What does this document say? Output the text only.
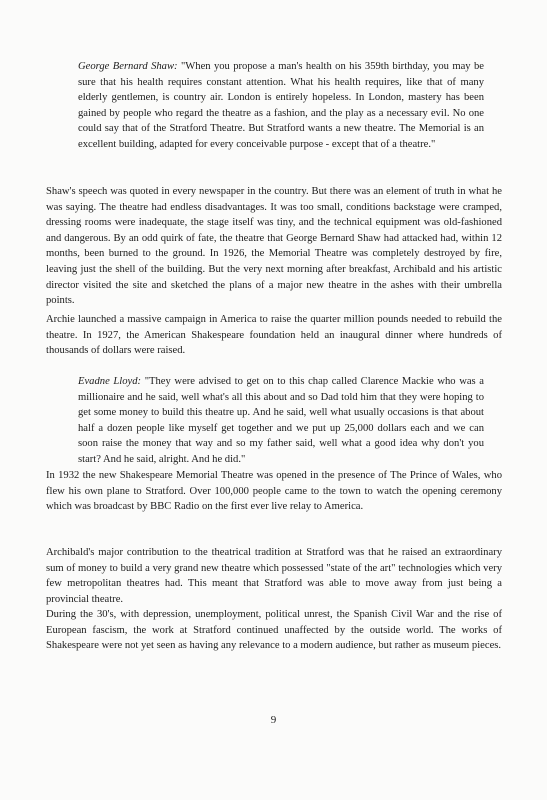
George Bernard Shaw: "When you propose a man's health on his 359th birthday, you may be sure that his health requires constant attention. What his health requires, like that of many elderly gentlemen, is country air. London is entirely hopeless. In London, mastery has been gained by people who regard the theatre as a fashion, and the play as a necessary evil. No one could say that of the Stratford Theatre. But Stratford wants a new theatre. The Memorial is an excellent building, adapted for every conceivable purpose - except that of a theatre."

Shaw's speech was quoted in every newspaper in the country. But there was an element of truth in what he was saying. The theatre had endless disadvantages. It was too small, conditions backstage were cramped, dressing rooms were inadequate, the stage itself was tiny, and the technical equipment was old-fashioned and dangerous. By an odd quirk of fate, the theatre that George Bernard Shaw had attacked had, within 12 months, been burned to the ground. In 1926, the Memorial Theatre was completely destroyed by fire, leaving just the shell of the building. But the very next morning after breakfast, Archibald and his artistic director visited the site and sketched the plans of a major new theatre in the ashes with their umbrella points.

Archie launched a massive campaign in America to raise the quarter million pounds needed to rebuild the theatre. In 1927, the American Shakespeare foundation held an inaugural dinner where hundreds of thousands of dollars were raised.

Evadne Lloyd: "They were advised to get on to this chap called Clarence Mackie who was a millionaire and he said, well what's all this about and so Dad told him that they were hoping to get some money to build this theatre up. And he said, well what usually occasions is that about half a dozen people like myself get together and we put up 25,000 dollars each and we can soon raise the money that way and so my father said, well what a good idea why don't you start? And he said, alright. And he did."

In 1932 the new Shakespeare Memorial Theatre was opened in the presence of The Prince of Wales, who flew his own plane to Stratford. Over 100,000 people came to the town to watch the opening ceremony which was broadcast by BBC Radio on the first ever live relay to America.

Archibald's major contribution to the theatrical tradition at Stratford was that he raised an extraordinary sum of money to build a very grand new theatre which possessed "state of the art" technologies which very few metropolitan theatres had. This meant that Stratford was able to move away from just being a provincial theatre.

During the 30's, with depression, unemployment, political unrest, the Spanish Civil War and the rise of European fascism, the work at Stratford continued unaffected by the outside world. The works of Shakespeare were not yet seen as having any relevance to a modern audience, but rather as museum pieces.

9
